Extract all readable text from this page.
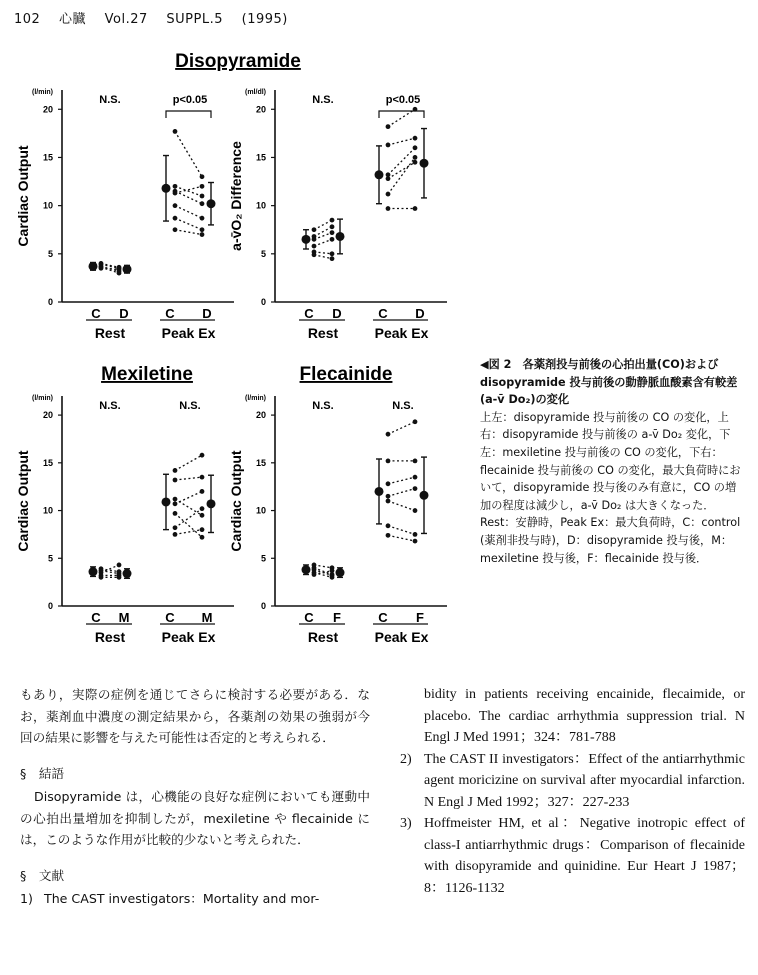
102 心臓 Vol.27 SUPPL.5 (1995)
Disopyramide
(l/min)
Cardiac Output
0
5
10
15
20
N.S.	p<0.05
C D	C D
Rest	Peak Ex
(ml/dl)
a-v̄O₂ Difference
0
5
10
15
20
N.S.	p<0.05
C D	C D
Rest	Peak Ex
Mexiletine
(l/min)
Cardiac Output
0
5
10
15
20
N.S.	N.S.
C M	C M
Rest	Peak Ex
Flecainide
(l/min)
Cardiac Output
0
5
10
15
20
N.S.	N.S.
C F	C F
Rest	Peak Ex
◀図 2　各薬剤投与前後の心拍出量(CO)および disopyramide 投与前後の動静脈血酸素含有較差(a-v̄ Do₂)の変化
上左：disopyramide 投与前後の CO の変化，上右：disopyramide 投与前後の a-v̄ Do₂ 変化，下左：mexiletine 投与前後の CO の変化，下右：flecainide 投与前後の CO の変化，最大負荷時において，disopyramide 投与後のみ有意に，CO の増加の程度は減少し，a-v̄ Do₂ は大きくなった．Rest：安静時，Peak Ex：最大負荷時，C：control (薬剤非投与時)，D：disopyramide 投与後，M：mexiletine 投与後，F：flecainide 投与後．

もあり，実際の症例を通じてさらに検討する必要がある．なお，薬剤血中濃度の測定結果から，各薬剤の効果の強弱が今回の結果に影響を与えた可能性は否定的と考えられる．

§　結語

Disopyramide は，心機能の良好な症例においても運動中の心拍出量増加を抑制したが，mexiletine や flecainide には，このような作用が比較的少ないと考えられた．

§　文献

1) The CAST investigators：Mortality and mor-
bidity in patients receiving encainide, flecaimide, or placebo. The cardiac arrhythmia suppression trial. N Engl J Med 1991；324：781-788
2) The CAST II investigators：Effect of the antiarrhythmic agent moricizine on survival after myocardial infarction. N Engl J Med 1992；327：227-233
3) Hoffmeister HM, et al：Negative inotropic effect of class-I antiarrhythmic drugs：Comparison of flecainide with disopyramide and quinidine. Eur Heart J 1987；8：1126-1132
